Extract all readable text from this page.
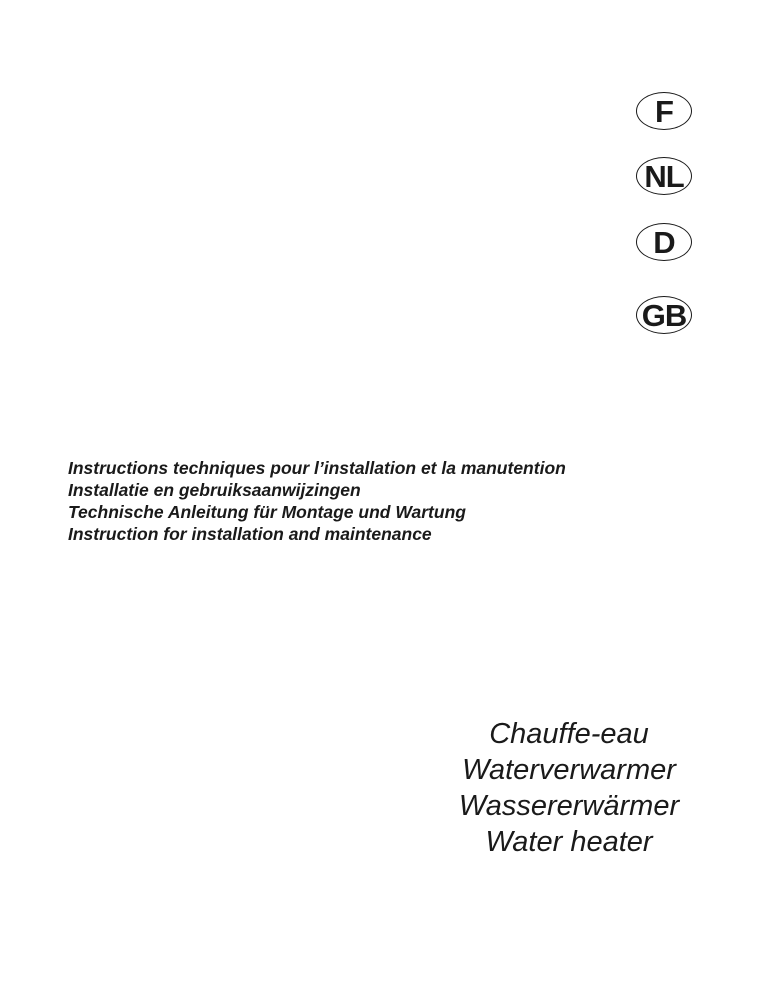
F
NL
D
GB
Instructions techniques pour l’installation et la manutention
Installatie en gebruiksaanwijzingen
Technische Anleitung für Montage und Wartung
Instruction for installation and maintenance
Chauffe-eau
Waterverwarmer
Wassererwärmer
Water heater
